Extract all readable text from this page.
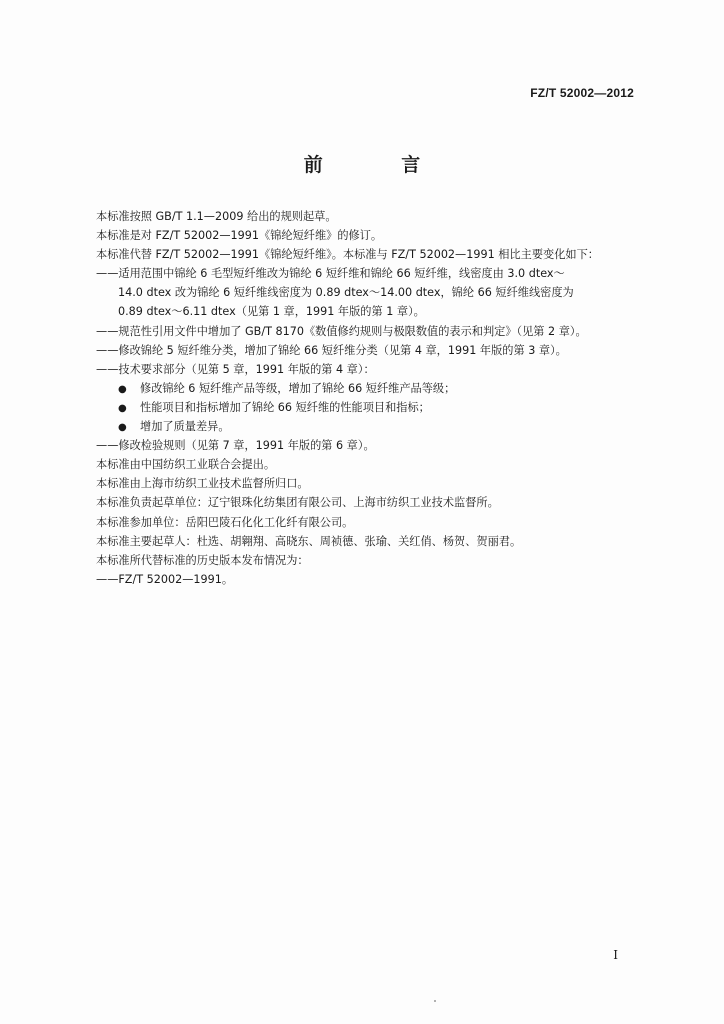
FZ/T 52002—2012
前 言
本标准按照 GB/T 1.1—2009 给出的规则起草。
本标准是对 FZ/T 52002—1991《锦纶短纤维》的修订。
本标准代替 FZ/T 52002—1991《锦纶短纤维》。本标准与 FZ/T 52002—1991 相比主要变化如下：
——适用范围中锦纶 6 毛型短纤维改为锦纶 6 短纤维和锦纶 66 短纤维，线密度由 3.0 dtex～
14.0 dtex 改为锦纶 6 短纤维线密度为 0.89 dtex～14.00 dtex，锦纶 66 短纤维线密度为
0.89 dtex～6.11 dtex（见第 1 章，1991 年版的第 1 章）。
——规范性引用文件中增加了 GB/T 8170《数值修约规则与极限数值的表示和判定》（见第 2 章）。
——修改锦纶 5 短纤维分类，增加了锦纶 66 短纤维分类（见第 4 章，1991 年版的第 3 章）。
——技术要求部分（见第 5 章，1991 年版的第 4 章）：
● 修改锦纶 6 短纤维产品等级，增加了锦纶 66 短纤维产品等级；
● 性能项目和指标增加了锦纶 66 短纤维的性能项目和指标；
● 增加了质量差异。
——修改检验规则（见第 7 章，1991 年版的第 6 章）。
本标准由中国纺织工业联合会提出。
本标准由上海市纺织工业技术监督所归口。
本标准负责起草单位：辽宁银珠化纺集团有限公司、上海市纺织工业技术监督所。
本标准参加单位：岳阳巴陵石化化工化纤有限公司。
本标准主要起草人：杜选、胡翱翔、高晓东、周祯德、张瑜、关红俏、杨贺、贺丽君。
本标准所代替标准的历史版本发布情况为：
——FZ/T 52002—1991。
I
